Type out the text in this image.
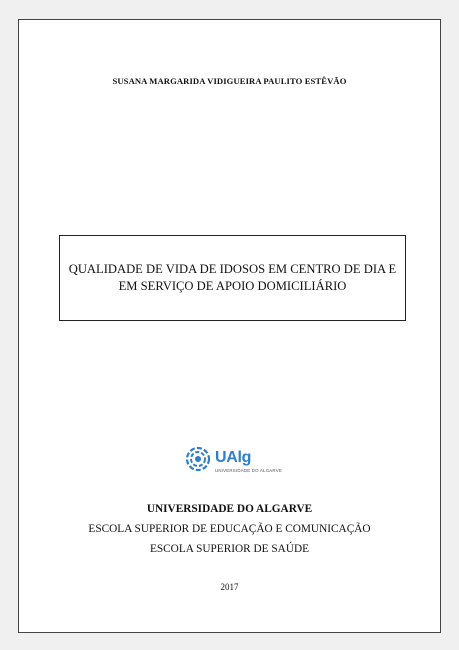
SUSANA MARGARIDA VIDIGUEIRA PAULITO ESTÊVÃO
QUALIDADE DE VIDA DE IDOSOS EM CENTRO DE DIA E
EM SERVIÇO DE APOIO DOMICILIÁRIO
UAlg
UNIVERSIDADE DO ALGARVE
UNIVERSIDADE DO ALGARVE
ESCOLA SUPERIOR DE EDUCAÇÃO E COMUNICAÇÃO
ESCOLA SUPERIOR DE SAÚDE
2017
